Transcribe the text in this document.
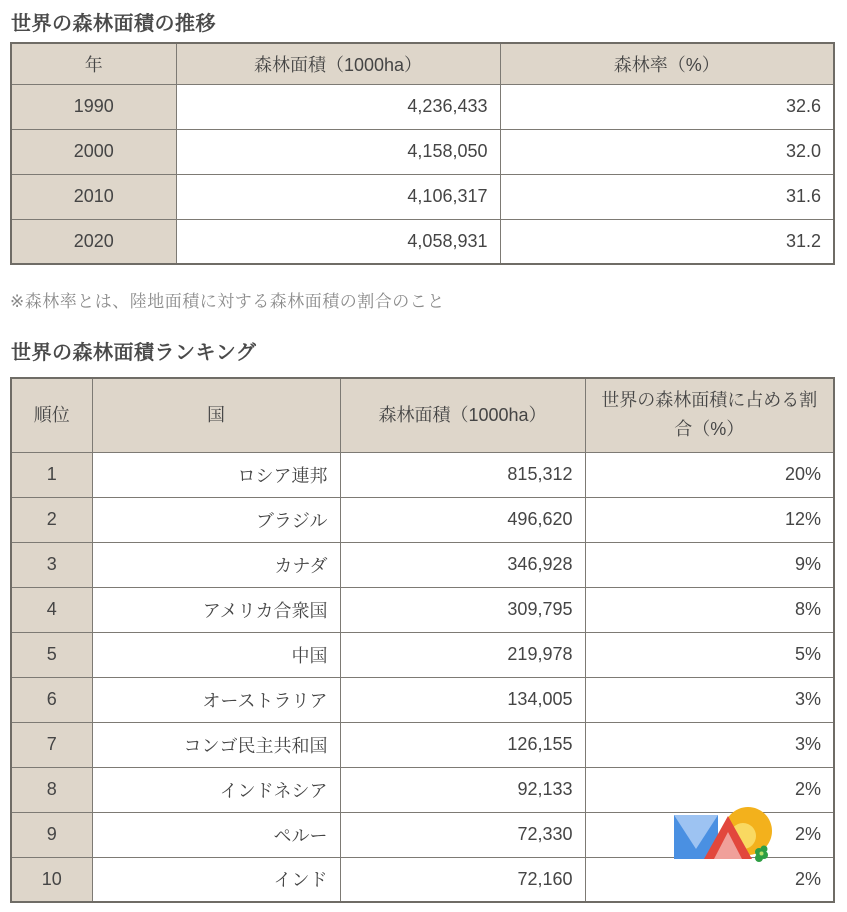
世界の森林面積の推移
年	森林面積（1000ha）	森林率（%）
1990	4,236,433	32.6
2000	4,158,050	32.0
2010	4,106,317	31.6
2020	4,058,931	31.2
※森林率とは、陸地面積に対する森林面積の割合のこと
世界の森林面積ランキング
順位	国	森林面積（1000ha）	世界の森林面積に占める割合（%）
1	ロシア連邦	815,312	20%
2	ブラジル	496,620	12%
3	カナダ	346,928	9%
4	アメリカ合衆国	309,795	8%
5	中国	219,978	5%
6	オーストラリア	134,005	3%
7	コンゴ民主共和国	126,155	3%
8	インドネシア	92,133	2%
9	ペルー	72,330	2%
10	インド	72,160	2%
